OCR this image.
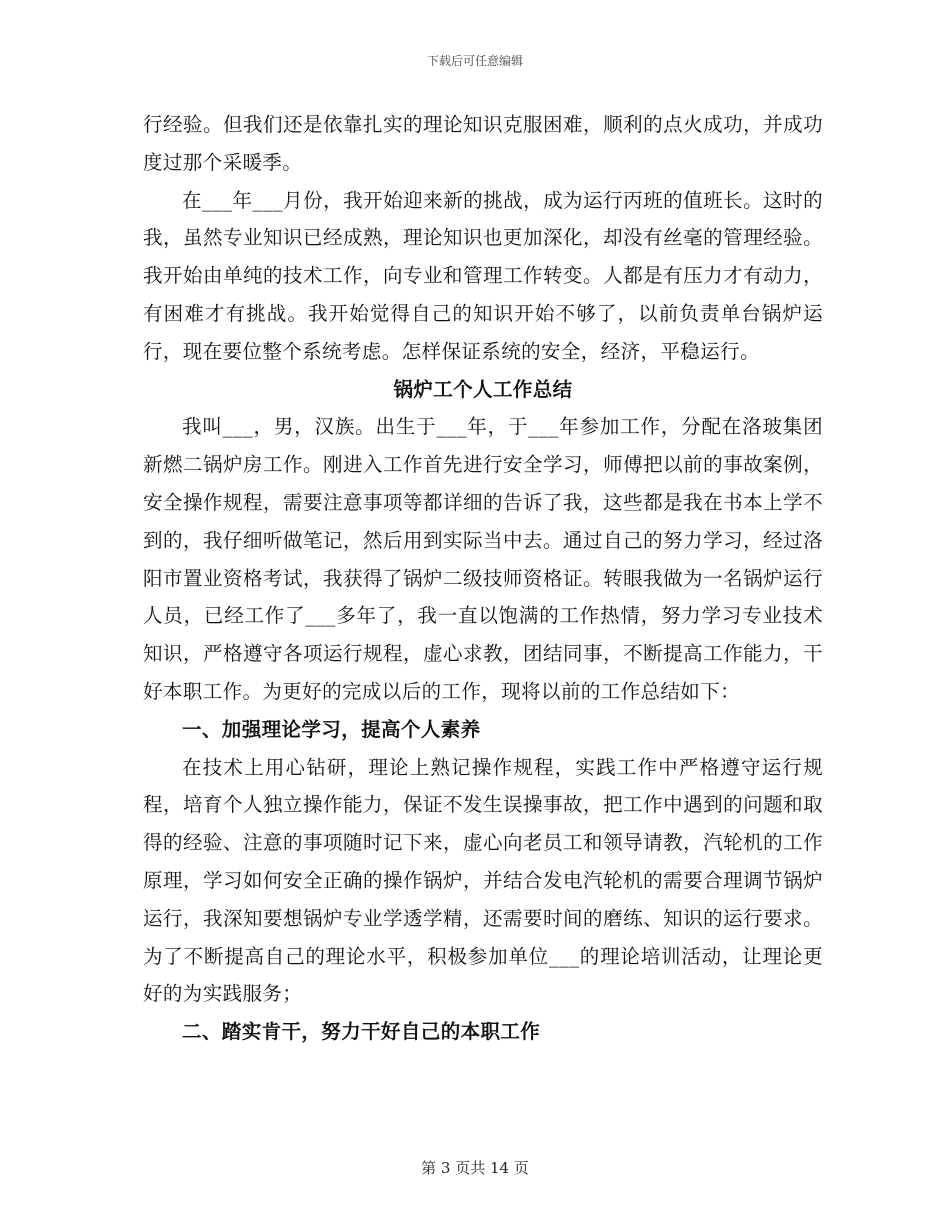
下载后可任意编辑

行经验。但我们还是依靠扎实的理论知识克服困难，顺利的点火成功，并成功度过那个采暖季。

在___年___月份，我开始迎来新的挑战，成为运行丙班的值班长。这时的我，虽然专业知识已经成熟，理论知识也更加深化，却没有丝毫的管理经验。我开始由单纯的技术工作，向专业和管理工作转变。人都是有压力才有动力，有困难才有挑战。我开始觉得自己的知识开始不够了，以前负责单台锅炉运行，现在要位整个系统考虑。怎样保证系统的安全，经济，平稳运行。

锅炉工个人工作总结

我叫___，男，汉族。出生于___年，于___年参加工作，分配在洛玻集团新燃二锅炉房工作。刚进入工作首先进行安全学习，师傅把以前的事故案例，安全操作规程，需要注意事项等都详细的告诉了我，这些都是我在书本上学不到的，我仔细听做笔记，然后用到实际当中去。通过自己的努力学习，经过洛阳市置业资格考试，我获得了锅炉二级技师资格证。转眼我做为一名锅炉运行人员，已经工作了___多年了，我一直以饱满的工作热情，努力学习专业技术知识，严格遵守各项运行规程，虚心求教，团结同事，不断提高工作能力，干好本职工作。为更好的完成以后的工作，现将以前的工作总结如下：

一、加强理论学习，提高个人素养

在技术上用心钻研，理论上熟记操作规程，实践工作中严格遵守运行规程，培育个人独立操作能力，保证不发生误操事故，把工作中遇到的问题和取得的经验、注意的事项随时记下来，虚心向老员工和领导请教，汽轮机的工作原理，学习如何安全正确的操作锅炉，并结合发电汽轮机的需要合理调节锅炉运行，我深知要想锅炉专业学透学精，还需要时间的磨练、知识的运行要求。为了不断提高自己的理论水平，积极参加单位___的理论培训活动，让理论更好的为实践服务；

二、踏实肯干，努力干好自己的本职工作

第 3 页共 14 页
